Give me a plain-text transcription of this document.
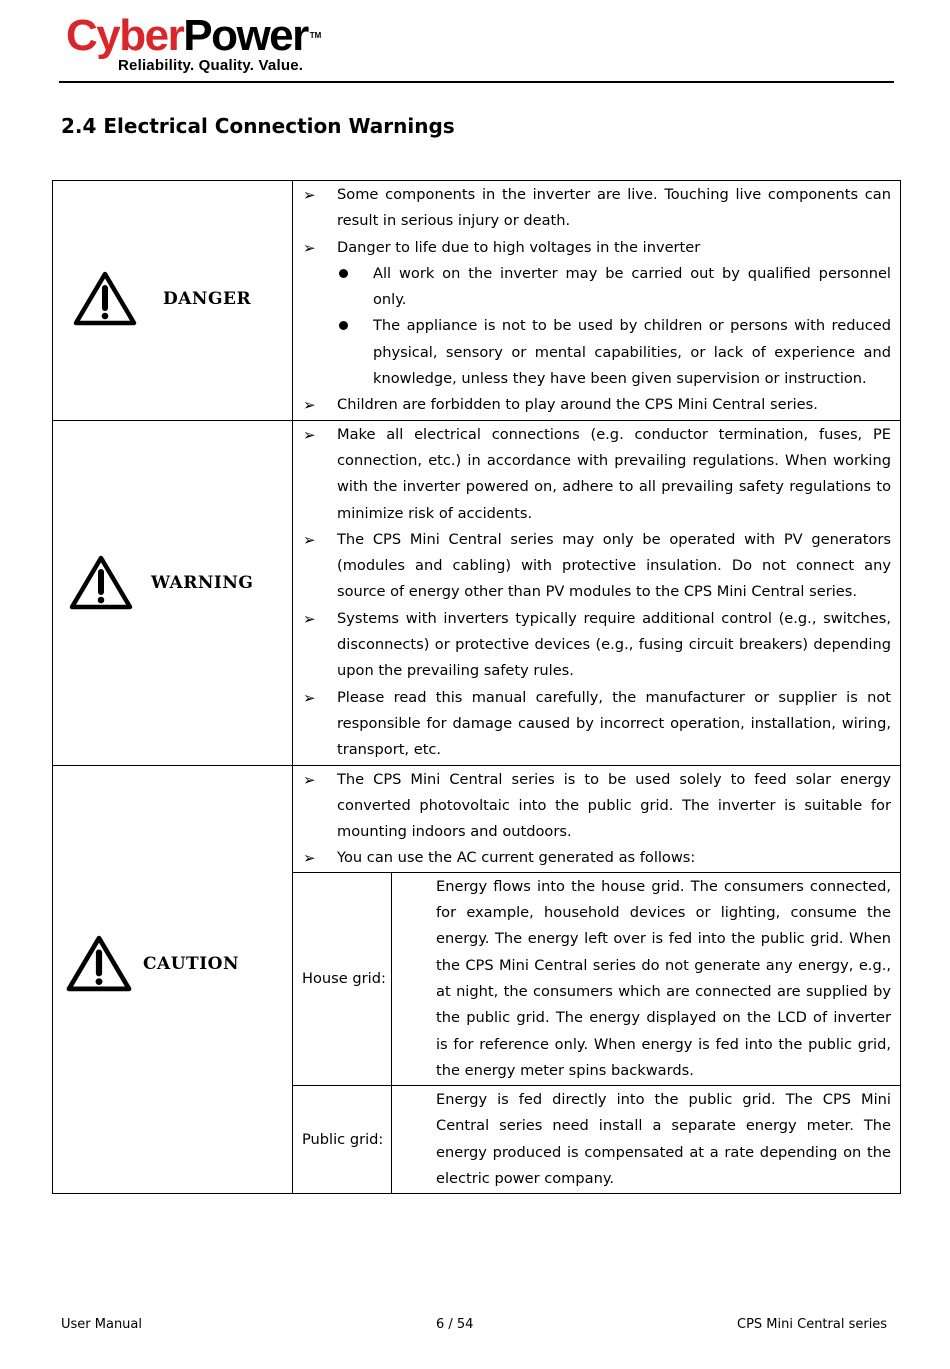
CyberPower ™
Reliability. Quality. Value.
2.4 Electrical Connection Warnings
DANGER

➢	Some components in the inverter are live. Touching live components can result in serious injury or death.
➢	Danger to life due to high voltages in the inverter
All work on the inverter may be carried out by qualified personnel only.
The appliance is not to be used by children or persons with reduced physical, sensory or mental capabilities, or lack of experience and knowledge, unless they have been given supervision or instruction.
➢	Children are forbidden to play around the CPS Mini Central series.

WARNING

➢	Make all electrical connections (e.g. conductor termination, fuses, PE connection, etc.) in accordance with prevailing regulations. When working with the inverter powered on, adhere to all prevailing safety regulations to minimize risk of accidents.
➢	The CPS Mini Central series may only be operated with PV generators (modules and cabling) with protective insulation. Do not connect any source of energy other than PV modules to the CPS Mini Central series.
➢	Systems with inverters typically require additional control (e.g., switches, disconnects) or protective devices (e.g., fusing circuit breakers) depending upon the prevailing safety rules.
➢	Please read this manual carefully, the manufacturer or supplier is not responsible for damage caused by incorrect operation, installation, wiring, transport, etc.

CAUTION

➢	The CPS Mini Central series is to be used solely to feed solar energy converted photovoltaic into the public grid. The inverter is suitable for mounting indoors and outdoors.
➢	You can use the AC current generated as follows:
House grid:	Energy flows into the house grid. The consumers connected, for example, household devices or lighting, consume the energy. The energy left over is fed into the public grid. When the CPS Mini Central series do not generate any energy, e.g., at night, the consumers which are connected are supplied by the public grid. The energy displayed on the LCD of inverter is for reference only. When energy is fed into the public grid, the energy meter spins backwards.
Public grid:	Energy is fed directly into the public grid. The CPS Mini Central series need install a separate energy meter. The energy produced is compensated at a rate depending on the electric power company.
User Manual	6 / 54	CPS Mini Central series
